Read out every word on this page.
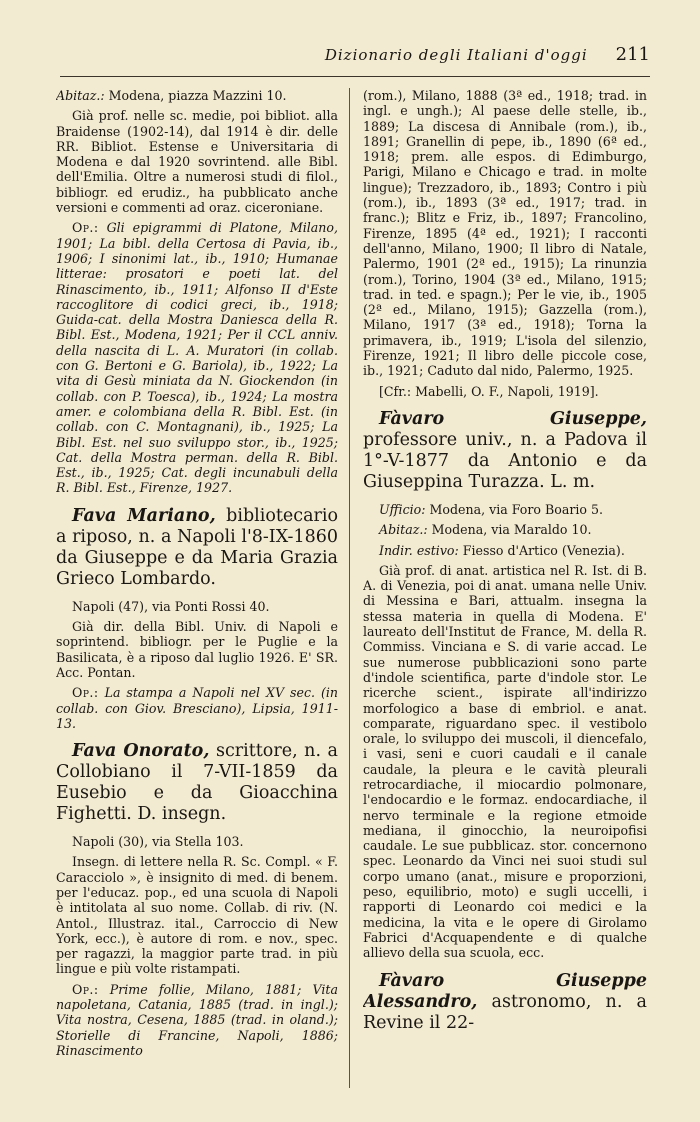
Dizionario degli Italiani d'oggi 211

Abitaz.: Modena, piazza Mazzini 10.

Già prof. nelle sc. medie, poi bibliot. alla Braidense (1902-14), dal 1914 è dir. delle RR. Bibliot. Estense e Universitaria di Modena e dal 1920 sovrintend. alle Bibl. dell'Emilia. Oltre a numerosi studi di filol., bibliogr. ed erudiz., ha pubblicato anche versioni e commenti ad oraz. ciceroniane.

Op.: Gli epigrammi di Platone, Milano, 1901; La bibl. della Certosa di Pavia, ib., 1906; I sinonimi lat., ib., 1910; Humanae litterae: prosatori e poeti lat. del Rinascimento, ib., 1911; Alfonso II d'Este raccoglitore di codici greci, ib., 1918; Guida-cat. della Mostra Daniesca della R. Bibl. Est., Modena, 1921; Per il CCL anniv. della nascita di L. A. Muratori (in collab. con G. Bertoni e G. Bariola), ib., 1922; La vita di Gesù miniata da N. Giockendon (in collab. con P. Toesca), ib., 1924; La mostra amer. e colombiana della R. Bibl. Est. (in collab. con C. Montagnani), ib., 1925; La Bibl. Est. nel suo sviluppo stor., ib., 1925; Cat. della Mostra perman. della R. Bibl. Est., ib., 1925; Cat. degli incunabuli della R. Bibl. Est., Firenze, 1927.

Fava Mariano, bibliotecario a riposo, n. a Napoli l'8-IX-1860 da Giuseppe e da Maria Grazia Grieco Lombardo.

Napoli (47), via Ponti Rossi 40.

Già dir. della Bibl. Univ. di Napoli e soprintend. bibliogr. per le Puglie e la Basilicata, è a riposo dal luglio 1926. E' SR. Acc. Pontan.

Op.: La stampa a Napoli nel XV sec. (in collab. con Giov. Bresciano), Lipsia, 1911-13.

Fava Onorato, scrittore, n. a Collobiano il 7-VII-1859 da Eusebio e da Gioacchina Fighetti. D. insegn.

Napoli (30), via Stella 103.

Insegn. di lettere nella R. Sc. Compl. « F. Caracciolo », è insignito di med. di benem. per l'educaz. pop., ed una scuola di Napoli è intitolata al suo nome. Collab. di riv. (N. Antol., Illustraz. ital., Carroccio di New York, ecc.), è autore di rom. e nov., spec. per ragazzi, la maggior parte trad. in più lingue e più volte ristampati.

Op.: Prime follie, Milano, 1881; Vita napoletana, Catania, 1885 (trad. in ingl.); Vita nostra, Cesena, 1885 (trad. in oland.); Storielle di Francine, Napoli, 1886; Rinascimento

(rom.), Milano, 1888 (3ª ed., 1918; trad. in ingl. e ungh.); Al paese delle stelle, ib., 1889; La discesa di Annibale (rom.), ib., 1891; Granellin di pepe, ib., 1890 (6ª ed., 1918; prem. alle espos. di Edimburgo, Parigi, Milano e Chicago e trad. in molte lingue); Trezzadoro, ib., 1893; Contro i più (rom.), ib., 1893 (3ª ed., 1917; trad. in franc.); Blitz e Friz, ib., 1897; Francolino, Firenze, 1895 (4ª ed., 1921); I racconti dell'anno, Milano, 1900; Il libro di Natale, Palermo, 1901 (2ª ed., 1915); La rinunzia (rom.), Torino, 1904 (3ª ed., Milano, 1915; trad. in ted. e spagn.); Per le vie, ib., 1905 (2ª ed., Milano, 1915); Gazzella (rom.), Milano, 1917 (3ª ed., 1918); Torna la primavera, ib., 1919; L'isola del silenzio, Firenze, 1921; Il libro delle piccole cose, ib., 1921; Caduto dal nido, Palermo, 1925.

[Cfr.: Mabelli, O. F., Napoli, 1919].

Fàvaro Giuseppe, professore univ., n. a Padova il 1°-V-1877 da Antonio e da Giuseppina Turazza. L. m.

Ufficio: Modena, via Foro Boario 5.

Abitaz.: Modena, via Maraldo 10.

Indir. estivo: Fiesso d'Artico (Venezia).

Già prof. di anat. artistica nel R. Ist. di B. A. di Venezia, poi di anat. umana nelle Univ. di Messina e Bari, attualm. insegna la stessa materia in quella di Modena. E' laureato dell'Institut de France, M. della R. Commiss. Vinciana e S. di varie accad. Le sue numerose pubblicazioni sono parte d'indole scientifica, parte d'indole stor. Le ricerche scient., ispirate all'indirizzo morfologico a base di embriol. e anat. comparate, riguardano spec. il vestibolo orale, lo sviluppo dei muscoli, il diencefalo, i vasi, seni e cuori caudali e il canale caudale, la pleura e le cavità pleurali retrocardiache, il miocardio polmonare, l'endocardio e le formaz. endocardiache, il nervo terminale e la regione etmoide mediana, il ginocchio, la neuroipofisi caudale. Le sue pubblicaz. stor. concernono spec. Leonardo da Vinci nei suoi studi sul corpo umano (anat., misure e proporzioni, peso, equilibrio, moto) e sugli uccelli, i rapporti di Leonardo coi medici e la medicina, la vita e le opere di Girolamo Fabrici d'Acquapendente e di qualche allievo della sua scuola, ecc.

Fàvaro Giuseppe Alessandro, astronomo, n. a Revine il 22-
